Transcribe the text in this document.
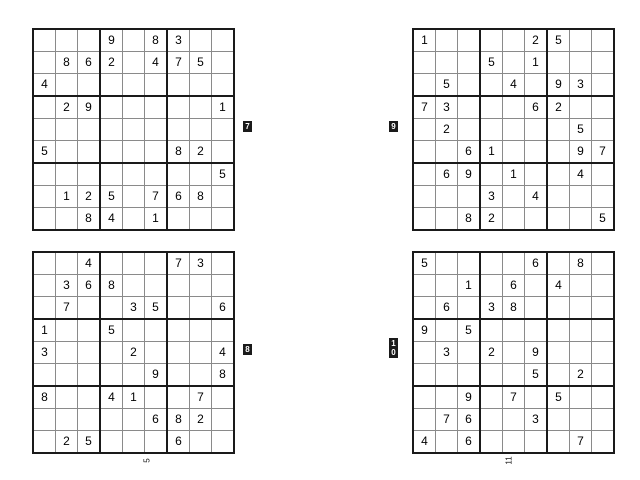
			9		8	3		
	8	6	2		4	7	5	
4								
	2	9						1

5						8	2	
								5
	1	2	5		7	6	8	
		8	4		1			
7
1					2	5		
			5		1			
	5			4		9	3	
7	3				6	2		
	2						5	
		6	1				9	7
	6	9		1			4	
			3		4			
		8	2					5
9
		4				7	3	
	3	6	8					
	7			3	5			6
1			5					
3				2				4
					9			8
8			4	1			7	
					6	8	2	
	2	5				6		
8
5					6		8	
		1		6		4		
	6		3	8				
9		5						
	3		2		9			
					5		2	
		9		7		5		
	7	6			3			
4		6					7	
1
0
5	11
